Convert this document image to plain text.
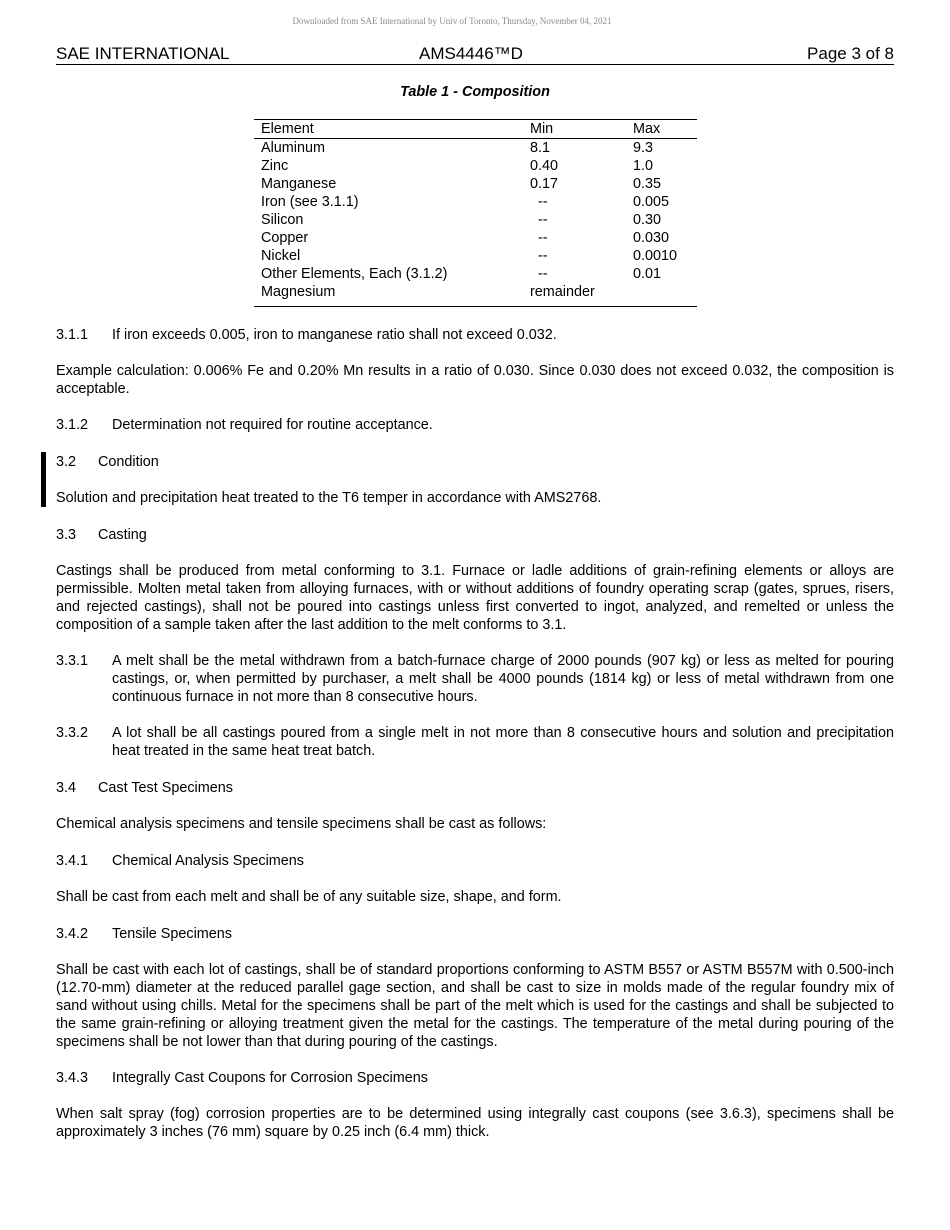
Downloaded from SAE International by Univ of Toronto, Thursday, November 04, 2021
SAE INTERNATIONAL	AMS4446™D	Page 3 of 8
Table 1 - Composition
Element	Min	Max
Aluminum	8.1	9.3
Zinc	0.40	1.0
Manganese	0.17	0.35
Iron (see 3.1.1)	--	0.005
Silicon	--	0.30
Copper	--	0.030
Nickel	--	0.0010
Other Elements, Each (3.1.2)	--	0.01
Magnesium	remainder
3.1.1 If iron exceeds 0.005, iron to manganese ratio shall not exceed 0.032.
Example calculation: 0.006% Fe and 0.20% Mn results in a ratio of 0.030. Since 0.030 does not exceed 0.032, the composition is acceptable.
3.1.2 Determination not required for routine acceptance.
3.2 Condition
Solution and precipitation heat treated to the T6 temper in accordance with AMS2768.
3.3 Casting
Castings shall be produced from metal conforming to 3.1. Furnace or ladle additions of grain-refining elements or alloys are permissible. Molten metal taken from alloying furnaces, with or without additions of foundry operating scrap (gates, sprues, risers, and rejected castings), shall not be poured into castings unless first converted to ingot, analyzed, and remelted or unless the composition of a sample taken after the last addition to the melt conforms to 3.1.
3.3.1 A melt shall be the metal withdrawn from a batch-furnace charge of 2000 pounds (907 kg) or less as melted for pouring castings, or, when permitted by purchaser, a melt shall be 4000 pounds (1814 kg) or less of metal withdrawn from one continuous furnace in not more than 8 consecutive hours.
3.3.2 A lot shall be all castings poured from a single melt in not more than 8 consecutive hours and solution and precipitation heat treated in the same heat treat batch.
3.4 Cast Test Specimens
Chemical analysis specimens and tensile specimens shall be cast as follows:
3.4.1 Chemical Analysis Specimens
Shall be cast from each melt and shall be of any suitable size, shape, and form.
3.4.2 Tensile Specimens
Shall be cast with each lot of castings, shall be of standard proportions conforming to ASTM B557 or ASTM B557M with 0.500-inch (12.70-mm) diameter at the reduced parallel gage section, and shall be cast to size in molds made of the regular foundry mix of sand without using chills. Metal for the specimens shall be part of the melt which is used for the castings and shall be subjected to the same grain-refining or alloying treatment given the metal for the castings. The temperature of the metal during pouring of the specimens shall be not lower than that during pouring of the castings.
3.4.3 Integrally Cast Coupons for Corrosion Specimens
When salt spray (fog) corrosion properties are to be determined using integrally cast coupons (see 3.6.3), specimens shall be approximately 3 inches (76 mm) square by 0.25 inch (6.4 mm) thick.
